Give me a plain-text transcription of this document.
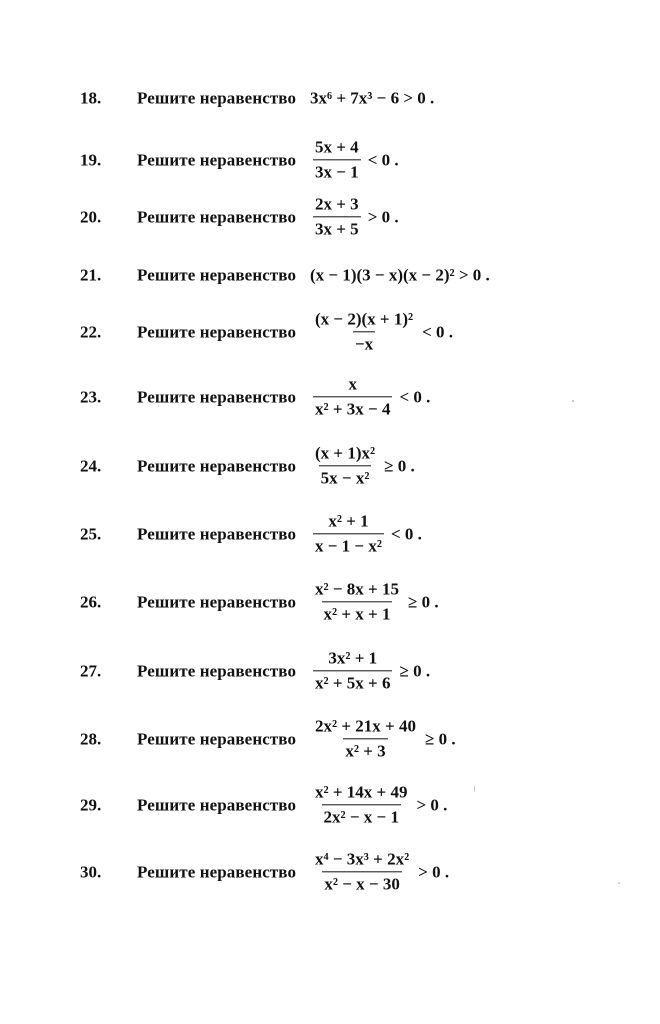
18. Решите неравенство 3x⁶ + 7x³ − 6 > 0 .
19. Решите неравенство $\frac{5x + 4}{3x - 1} < 0$ .
20. Решите неравенство $\frac{2x + 3}{3x + 5} > 0$ .
21. Решите неравенство (x − 1)(3 − x)(x − 2)² > 0 .
22. Решите неравенство $\frac{\text{(x − 2)(x + 1)²}}{-x} < 0$ .
23. Решите неравенство $\frac{x}{\text{x² + 3x − 4}} < 0$ .
24. Решите неравенство $\frac{\text{(x + 1)x²}}{\text{5x − x²}} \ge 0$ .
25. Решите неравенство $\frac{\text{x² + 1}}{\text{x − 1 − x²}} < 0$ .
26. Решите неравенство $\frac{\text{x² − 8x + 15}}{\text{x² + x + 1}} \ge 0$ .
27. Решите неравенство $\frac{\text{3x² + 1}}{\text{x² + 5x + 6}} \ge 0$ .
28. Решите неравенство $\frac{\text{2x² + 21x + 40}}{\text{x² + 3}} \ge 0$ .
29. Решите неравенство $\frac{\text{x² + 14x + 49}}{\text{2x² − x − 1}} > 0$ .
30. Решите неравенство $\frac{\text{x⁴ − 3x³ + 2x²}}{\text{x² − x − 30}} > 0$ .
